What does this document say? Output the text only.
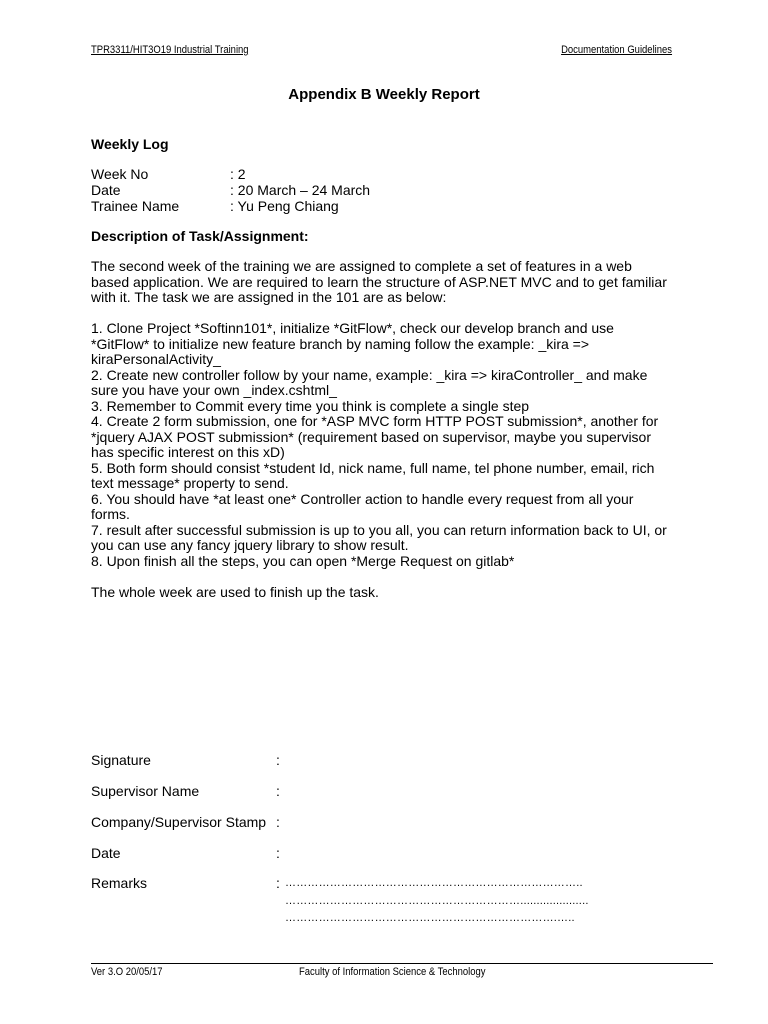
TPR3311/HIT3O19 Industrial Training	Documentation Guidelines
Appendix B Weekly Report
Weekly Log
Week No	: 2
Date	: 20 March – 24 March
Trainee Name	: Yu Peng Chiang
Description of Task/Assignment:

The second week of the training we are assigned to complete a set of features in a web

based application. We are required to learn the structure of ASP.NET MVC and to get familiar

with it. The task we are assigned in the 101 are as below:

1. Clone Project *Softinn101*, initialize *GitFlow*, check our develop branch and use

*GitFlow* to initialize new feature branch by naming follow the example: _kira =>

kiraPersonalActivity_

2. Create new controller follow by your name, example: _kira => kiraController_ and make

sure you have your own _index.cshtml_

3. Remember to Commit every time you think is complete a single step

4. Create 2 form submission, one for *ASP MVC form HTTP POST submission*, another for

*jquery AJAX POST submission* (requirement based on supervisor, maybe you supervisor

has specific interest on this xD)

5. Both form should consist *student Id, nick name, full name, tel phone number, email, rich

text message* property to send.

6. You should have *at least one* Controller action to handle every request from all your

forms.

7. result after successful submission is up to you all, you can return information back to UI, or

you can use any fancy jquery library to show result.

8. Upon finish all the steps, you can open *Merge Request on gitlab*

The whole week are used to finish up the task.

Signature	:
Supervisor Name	:
Company/Supervisor Stamp :
Date	:
Remarks	: ……………………………………………………………………..
……………………………………………………….....................
……………………………………………………………….…..
Ver 3.O 20/05/17	Faculty of Information Science & Technology
